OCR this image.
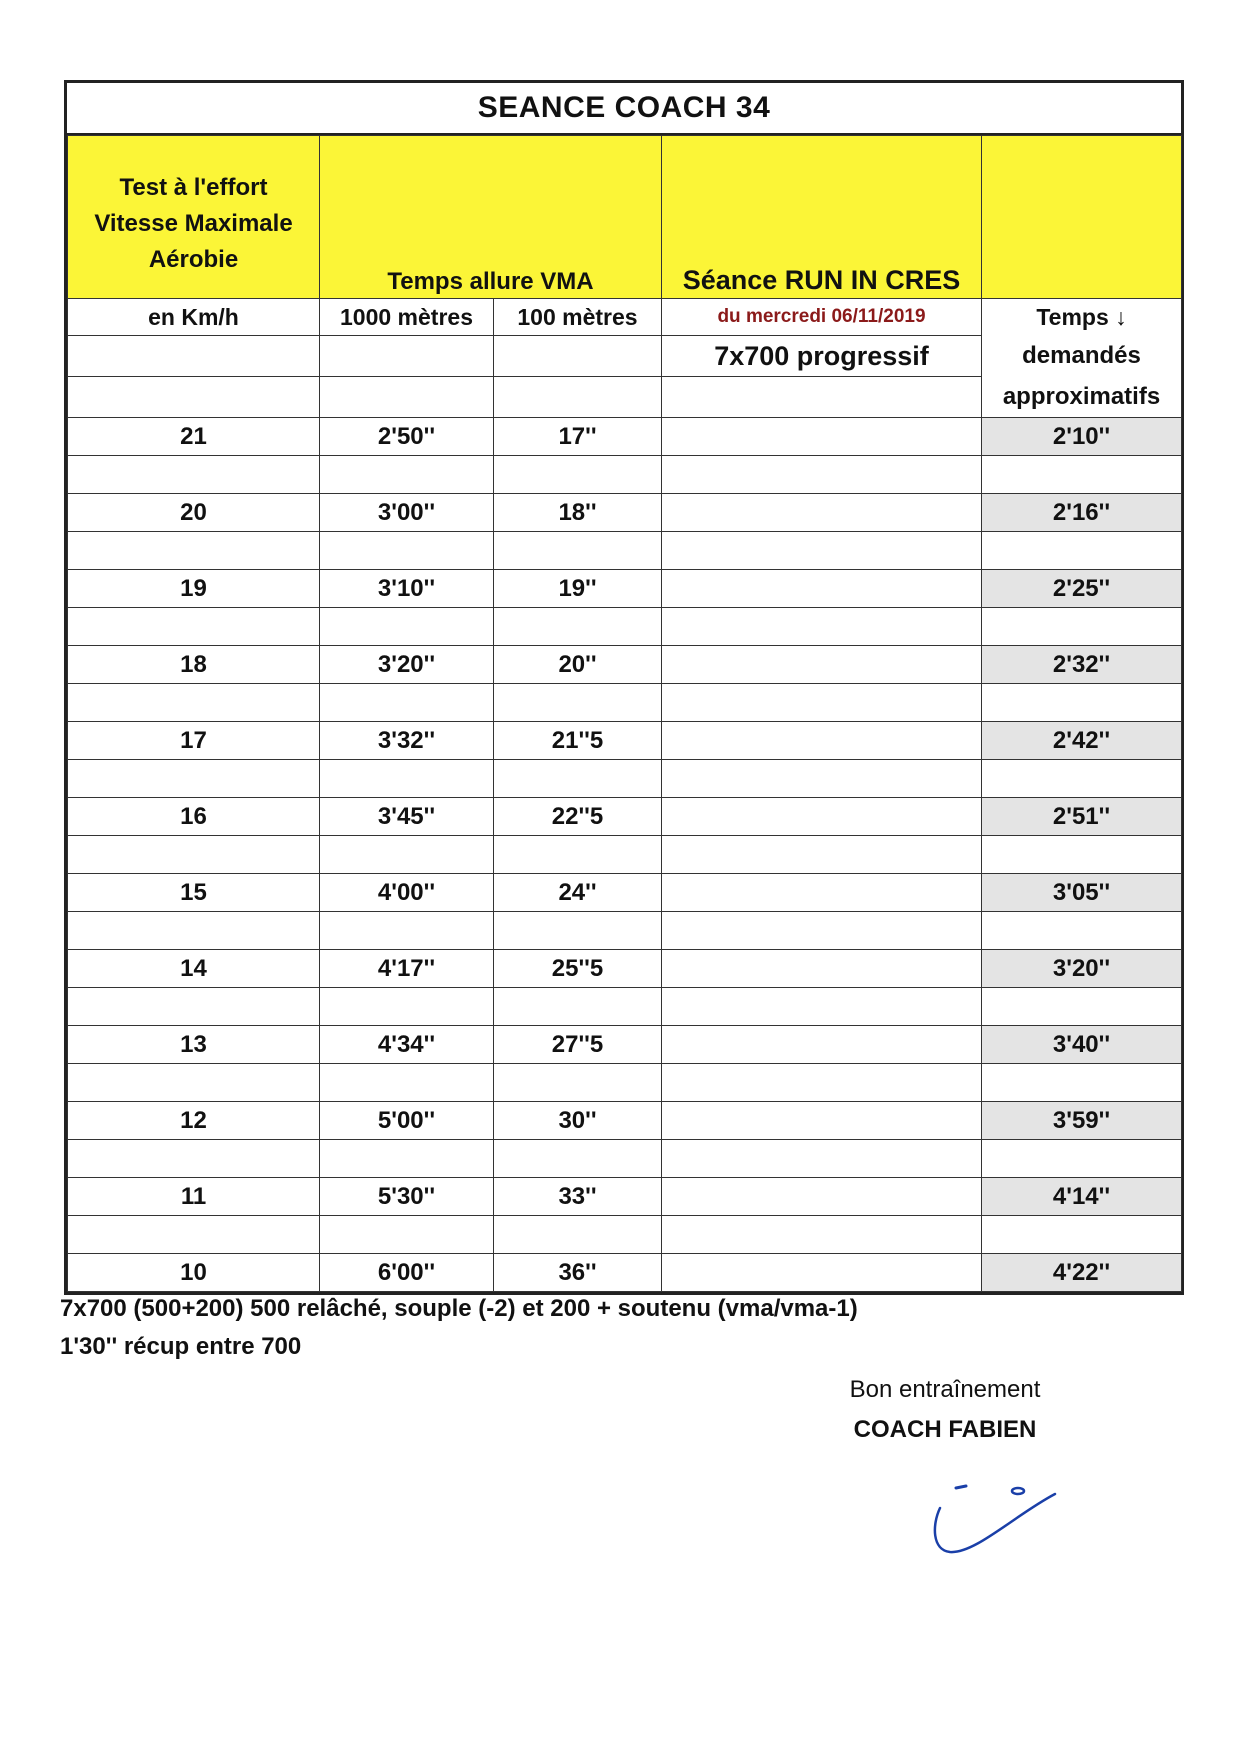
SEANCE COACH 34
Test à l'effort
Vitesse Maximale
Aérobie	Temps allure VMA		Séance RUN IN CRES	
en Km/h	1000 mètres	100 mètres	du mercredi 06/11/2019	Temps ↓
			7x700 progressif	demandés
				approximatifs
21	2'50''	17''		2'10''

20	3'00''	18''		2'16''

19	3'10''	19''		2'25''

18	3'20''	20''		2'32''

17	3'32''	21''5		2'42''

16	3'45''	22''5		2'51''

15	4'00''	24''		3'05''

14	4'17''	25''5		3'20''

13	4'34''	27''5		3'40''

12	5'00''	30''		3'59''

11	5'30''	33''		4'14''

10	6'00''	36''		4'22''
7x700 (500+200) 500 relâché, souple (-2) et 200 + soutenu (vma/vma-1)
1'30'' récup entre 700
Bon entraînement
COACH FABIEN
